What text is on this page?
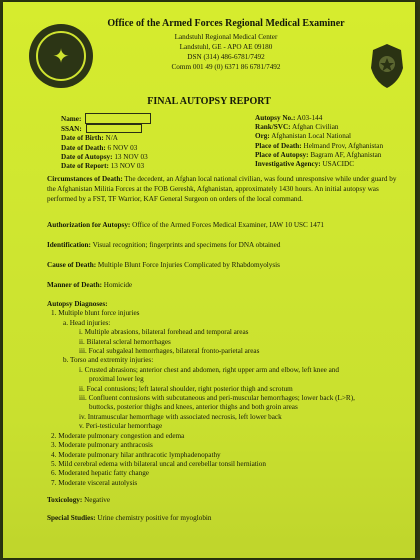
✦
Office of the Armed Forces Regional Medical Examiner
Landstuhl Regional Medical Center
Landstuhl, GE - APO AE 09180
DSN (314) 486-6781/7492
Comm 001 49 (0) 6371 86 6781/7492
FINAL AUTOPSY REPORT
Name:
SSAN:
Date of Birth: N/A
Date of Death: 6 NOV 03
Date of Autopsy: 13 NOV 03
Date of Report: 13 NOV 03
Autopsy No.: A03-144
Rank/SVC: Afghan Civilian
Org: Afghanistan Local National
Place of Death: Helmand Prov, Afghanistan
Place of Autopsy: Bagram AF, Afghanistan
Investigative Agency: USACIDC
Circumstances of Death: The decedent, an Afghan local national civilian, was found unresponsive while under guard by the Afghanistan Militia Forces at the FOB Gereshk, Afghanistan, approximately 1430 hours. An initial autopsy was performed by a FST, TF Warrior, KAF General Surgeon on orders of the local command.
Authorization for Autopsy: Office of the Armed Forces Medical Examiner, IAW 10 USC 1471
Identification: Visual recognition; fingerprints and specimens for DNA obtained
Cause of Death: Multiple Blunt Force Injuries Complicated by Rhabdomyolysis
Manner of Death: Homicide
Autopsy Diagnoses:
1. Multiple blunt force injuries
a. Head injuries:
i. Multiple abrasions, bilateral forehead and temporal areas
ii. Bilateral scleral hemorrhages
iii. Focal subgaleal hemorrhages, bilateral fronto-parietal areas
b. Torso and extremity injuries:
i. Crusted abrasions; anterior chest and abdomen, right upper arm and elbow, left knee and
proximal lower leg
ii. Focal contusions; left lateral shoulder, right posterior thigh and scrotum
iii. Confluent contusions with subcutaneous and peri-muscular hemorrhages; lower back (L>R),
buttocks, posterior thighs and knees, anterior thighs and both groin areas
iv. Intramuscular hemorrhage with associated necrosis, left lower back
v. Peri-testicular hemorrhage
2. Moderate pulmonary congestion and edema
3. Moderate pulmonary anthracosis
4. Moderate pulmonary hilar anthracotic lymphadenopathy
5. Mild cerebral edema with bilateral uncal and cerebellar tonsil herniation
6. Moderated hepatic fatty change
7. Moderate visceral autolysis
Toxicology: Negative
Special Studies: Urine chemistry positive for myoglobin
